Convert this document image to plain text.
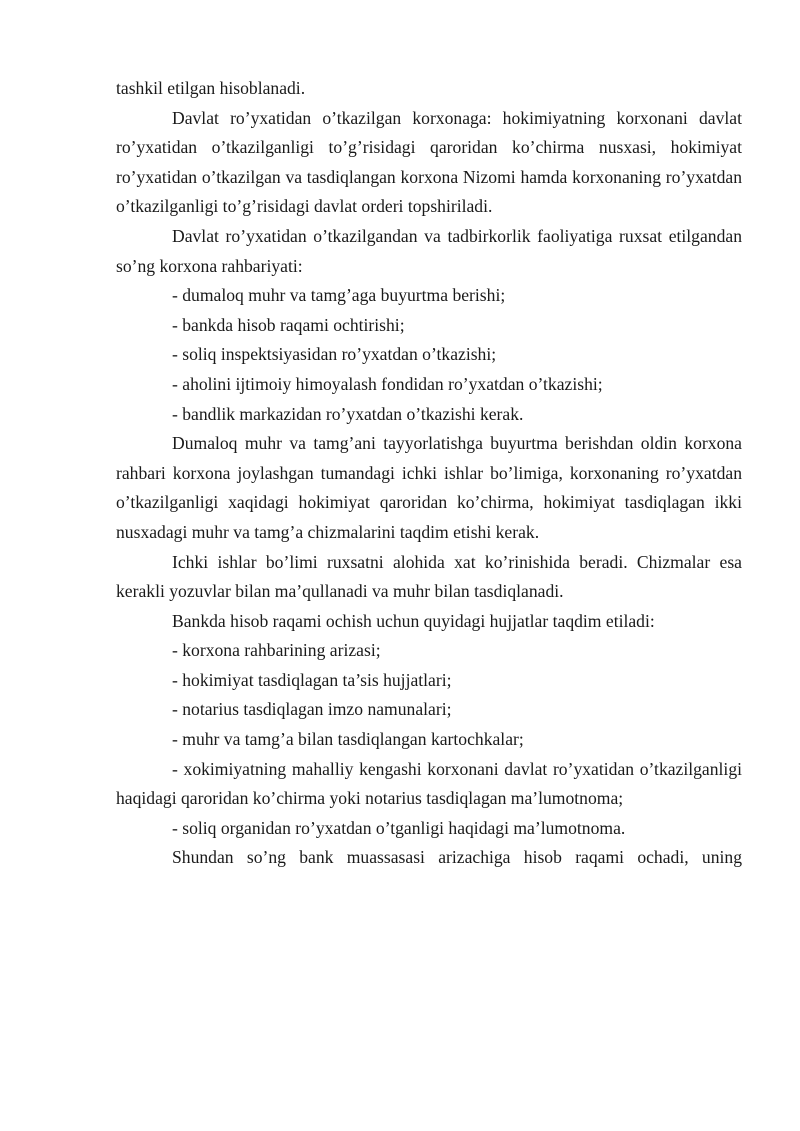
tashkil etilgan hisoblanadi.

Davlat ro’yxatidan o’tkazilgan korxonaga: hokimiyatning korxonani davlat ro’yxatidan o’tkazilganligi to’g’risidagi qaroridan ko’chirma nusxasi, hokimiyat ro’yxatidan o’tkazilgan va tasdiqlangan korxona Nizomi hamda korxonaning ro’yxatdan o’tkazilganligi to’g’risidagi davlat orderi topshiriladi.

Davlat ro’yxatidan o’tkazilgandan va tadbirkorlik faoliyatiga ruxsat etilgandan so’ng korxona rahbariyati:

- dumaloq muhr va tamg’aga buyurtma berishi;

- bankda hisob raqami ochtirishi;

- soliq inspektsiyasidan ro’yxatdan o’tkazishi;

- aholini ijtimoiy himoyalash fondidan ro’yxatdan o’tkazishi;

- bandlik markazidan ro’yxatdan o’tkazishi kerak.

Dumaloq muhr va tamg’ani tayyorlatishga buyurtma berishdan oldin korxona rahbari korxona joylashgan tumandagi ichki ishlar bo’limiga, korxonaning ro’yxatdan o’tkazilganligi xaqidagi hokimiyat qaroridan ko’chirma, hokimiyat tasdiqlagan ikki nusxadagi muhr va tamg’a chizmalarini taqdim etishi kerak.

Ichki ishlar bo’limi ruxsatni alohida xat ko’rinishida beradi. Chizmalar esa kerakli yozuvlar bilan ma’qullanadi va muhr bilan tasdiqlanadi.

Bankda hisob raqami ochish uchun quyidagi hujjatlar taqdim etiladi:

- korxona rahbarining arizasi;

- hokimiyat tasdiqlagan ta’sis hujjatlari;

- notarius tasdiqlagan imzo namunalari;

- muhr va tamg’a bilan tasdiqlangan kartochkalar;

- xokimiyatning mahalliy kengashi korxonani davlat ro’yxatidan o’tkazilganligi haqidagi qaroridan ko’chirma yoki notarius tasdiqlagan ma’lumotnoma;

- soliq organidan ro’yxatdan o’tganligi haqidagi ma’lumotnoma.

Shundan so’ng bank muassasasi arizachiga hisob raqami ochadi, uning
